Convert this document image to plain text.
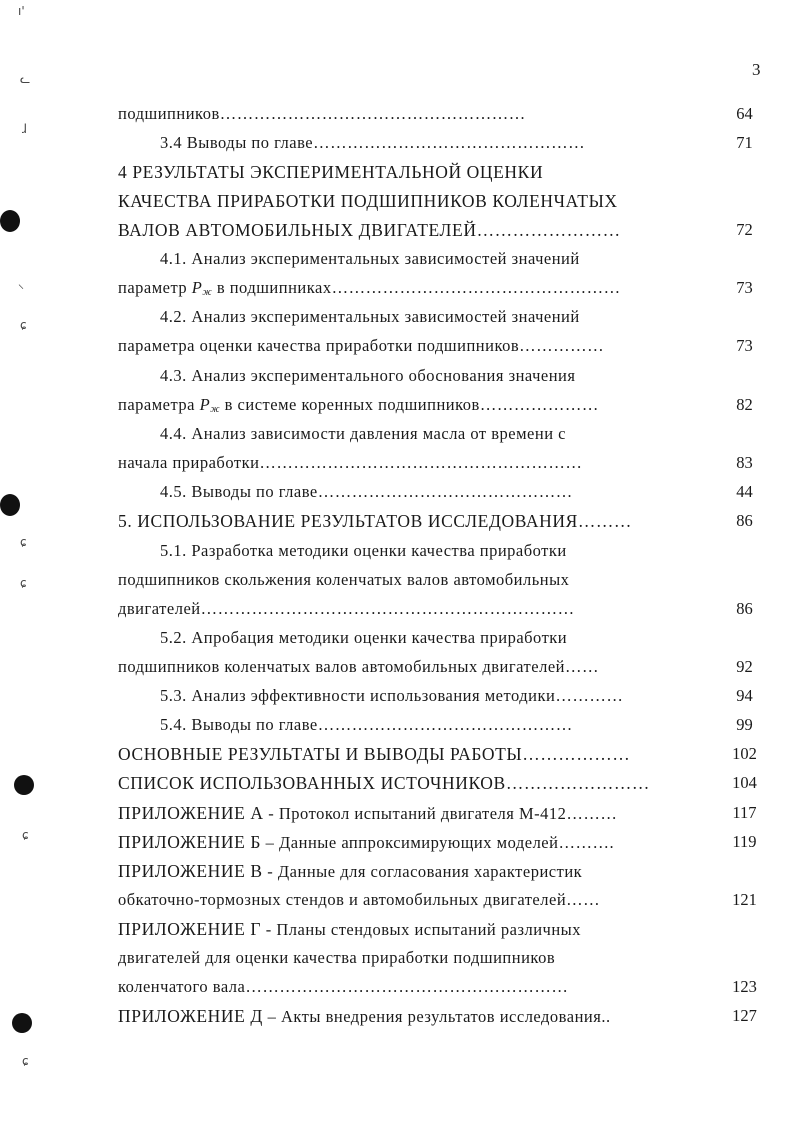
3
подшипников………………………………………………	64
3.4 Выводы по главе…………………………………………	71
4 РЕЗУЛЬТАТЫ ЭКСПЕРИМЕНТАЛЬНОЙ ОЦЕНКИ
КАЧЕСТВА ПРИРАБОТКИ ПОДШИПНИКОВ КОЛЕНЧАТЫХ
ВАЛОВ АВТОМОБИЛЬНЫХ ДВИГАТЕЛЕЙ……………………	72
4.1. Анализ экспериментальных зависимостей значений
параметр $P_ж$ в подшипниках……………………………………………	73
4.2. Анализ экспериментальных зависимостей значений
параметра оценки качества приработки подшипников……………	73
4.3. Анализ экспериментального обоснования значения
параметра $P_ж$ в системе коренных подшипников…………………	82
4.4. Анализ зависимости давления масла от времени с
начала приработки…………………………………………………	83
4.5. Выводы по главе………………………………………	44
5. ИСПОЛЬЗОВАНИЕ РЕЗУЛЬТАТОВ ИССЛЕДОВАНИЯ………	86
5.1. Разработка методики оценки качества приработки
подшипников скольжения коленчатых валов автомобильных
двигателей…………………………………………………………	86
5.2. Апробация методики оценки качества приработки
подшипников коленчатых валов автомобильных двигателей……	92
5.3. Анализ эффективности использования методики…………	94
5.4. Выводы по главе………………………………………	99
ОСНОВНЫЕ РЕЗУЛЬТАТЫ И ВЫВОДЫ РАБОТЫ………………	102
СПИСОК ИСПОЛЬЗОВАННЫХ ИСТОЧНИКОВ……………………	104
ПРИЛОЖЕНИЕ А - Протокол испытаний двигателя М-412………	117
ПРИЛОЖЕНИЕ Б – Данные аппроксимирующих моделей……….	119
ПРИЛОЖЕНИЕ В - Данные для согласования характеристик
обкаточно-тормозных стендов и автомобильных двигателей……	121
ПРИЛОЖЕНИЕ Г - Планы стендовых испытаний различных
двигателей для оценки качества приработки подшипников
коленчатого вала…………………………………………………	123
ПРИЛОЖЕНИЕ Д – Акты внедрения результатов исследования..	127
ı'
ᓚ
ɺ
⸌
ɕ
ɕ
ɕ
ɕ
ɕ
